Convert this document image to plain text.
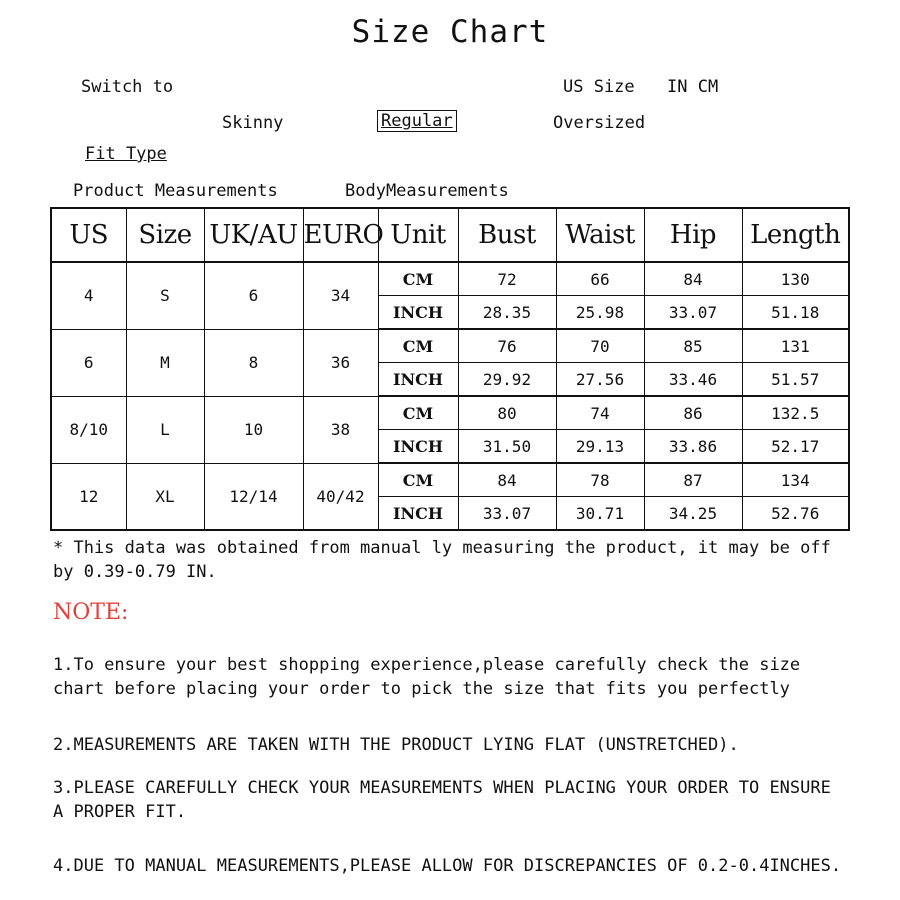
Size Chart
Switch to	US Size IN CM
Skinny	Regular	Oversized
Fit Type
Product Measurements	BodyMeasurements
US	Size	UK/AU	EURO	Unit	Bust	Waist	Hip	Length
4	S	6	34	CM	72	66	84	130
				INCH	28.35	25.98	33.07	51.18
6	M	8	36	CM	76	70	85	131
				INCH	29.92	27.56	33.46	51.57
8/10	L	10	38	CM	80	74	86	132.5
				INCH	31.50	29.13	33.86	52.17
12	XL	12/14	40/42	CM	84	78	87	134
				INCH	33.07	30.71	34.25	52.76
* This data was obtained from manual ly measuring the product, it may be off
by 0.39-0.79 IN.
NOTE:
1.To ensure your best shopping experience,please carefully check the size
chart before placing your order to pick the size that fits you perfectly
2.MEASUREMENTS ARE TAKEN WITH THE PRODUCT LYING FLAT (UNSTRETCHED).
3.PLEASE CAREFULLY CHECK YOUR MEASUREMENTS WHEN PLACING YOUR ORDER TO ENSURE
A PROPER FIT.
4.DUE TO MANUAL MEASUREMENTS,PLEASE ALLOW FOR DISCREPANCIES OF 0.2-0.4INCHES.
